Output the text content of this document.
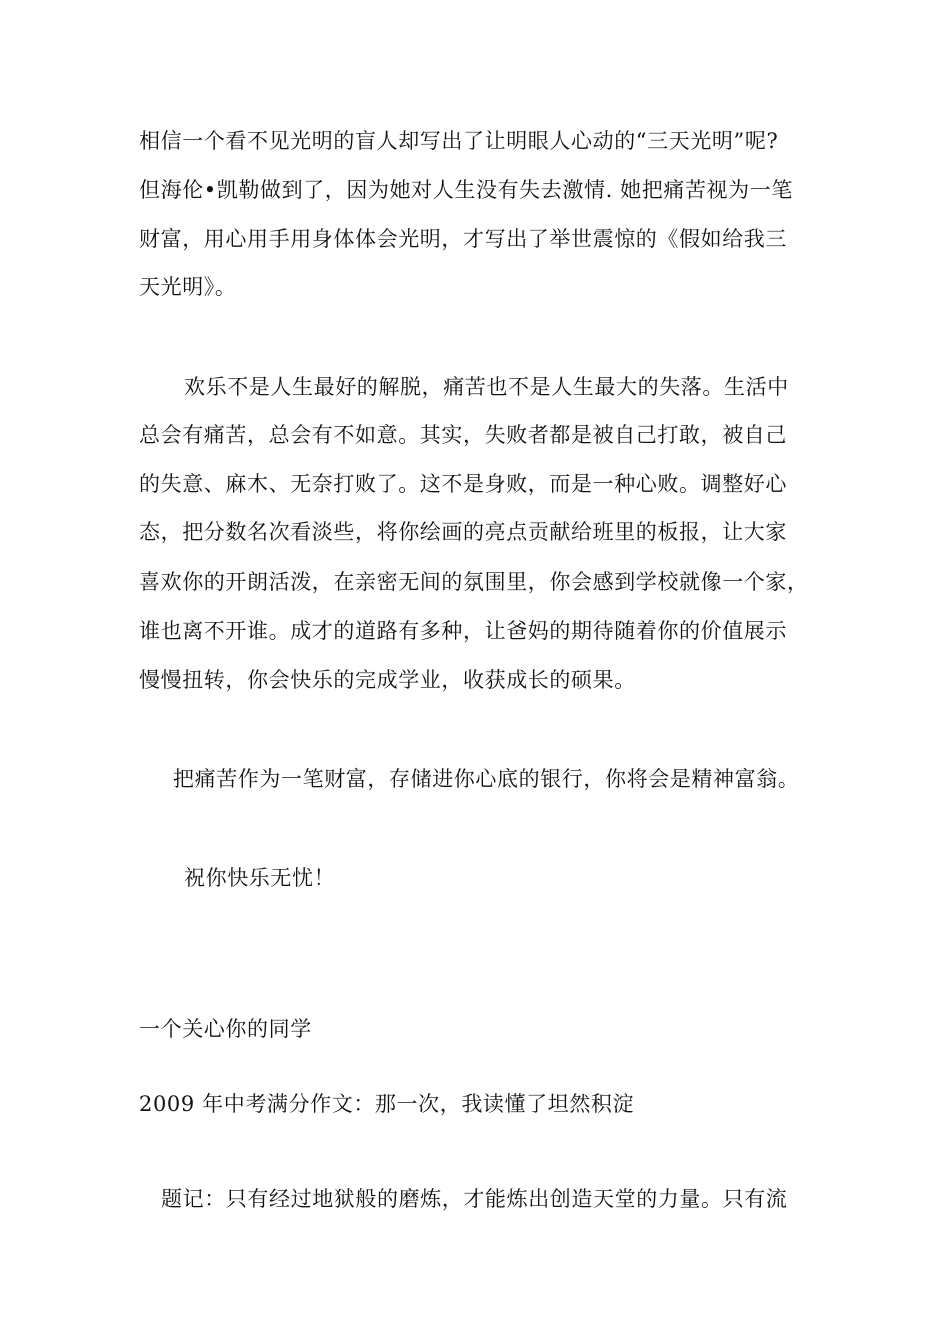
相信一个看不见光明的盲人却写出了让明眼人心动的“三天光明”呢?
但海伦•凯勒做到了，因为她对人生没有失去激情. 她把痛苦视为一笔
财富，用心用手用身体体会光明，才写出了举世震惊的《假如给我三
天光明》。
欢乐不是人生最好的解脱，痛苦也不是人生最大的失落。生活中
总会有痛苦，总会有不如意。其实，失败者都是被自己打敢，被自己
的失意、麻木、无奈打败了。这不是身败，而是一种心败。调整好心
态，把分数名次看淡些，将你绘画的亮点贡献给班里的板报，让大家
喜欢你的开朗活泼，在亲密无间的氛围里，你会感到学校就像一个家，
谁也离不开谁。成才的道路有多种，让爸妈的期待随着你的价值展示
慢慢扭转，你会快乐的完成学业，收获成长的硕果。
把痛苦作为一笔财富，存储进你心底的银行，你将会是精神富翁。
祝你快乐无忧！
一个关心你的同学
2009 年中考满分作文：那一次，我读懂了坦然积淀
题记：只有经过地狱般的磨炼，才能炼出创造天堂的力量。只有流
